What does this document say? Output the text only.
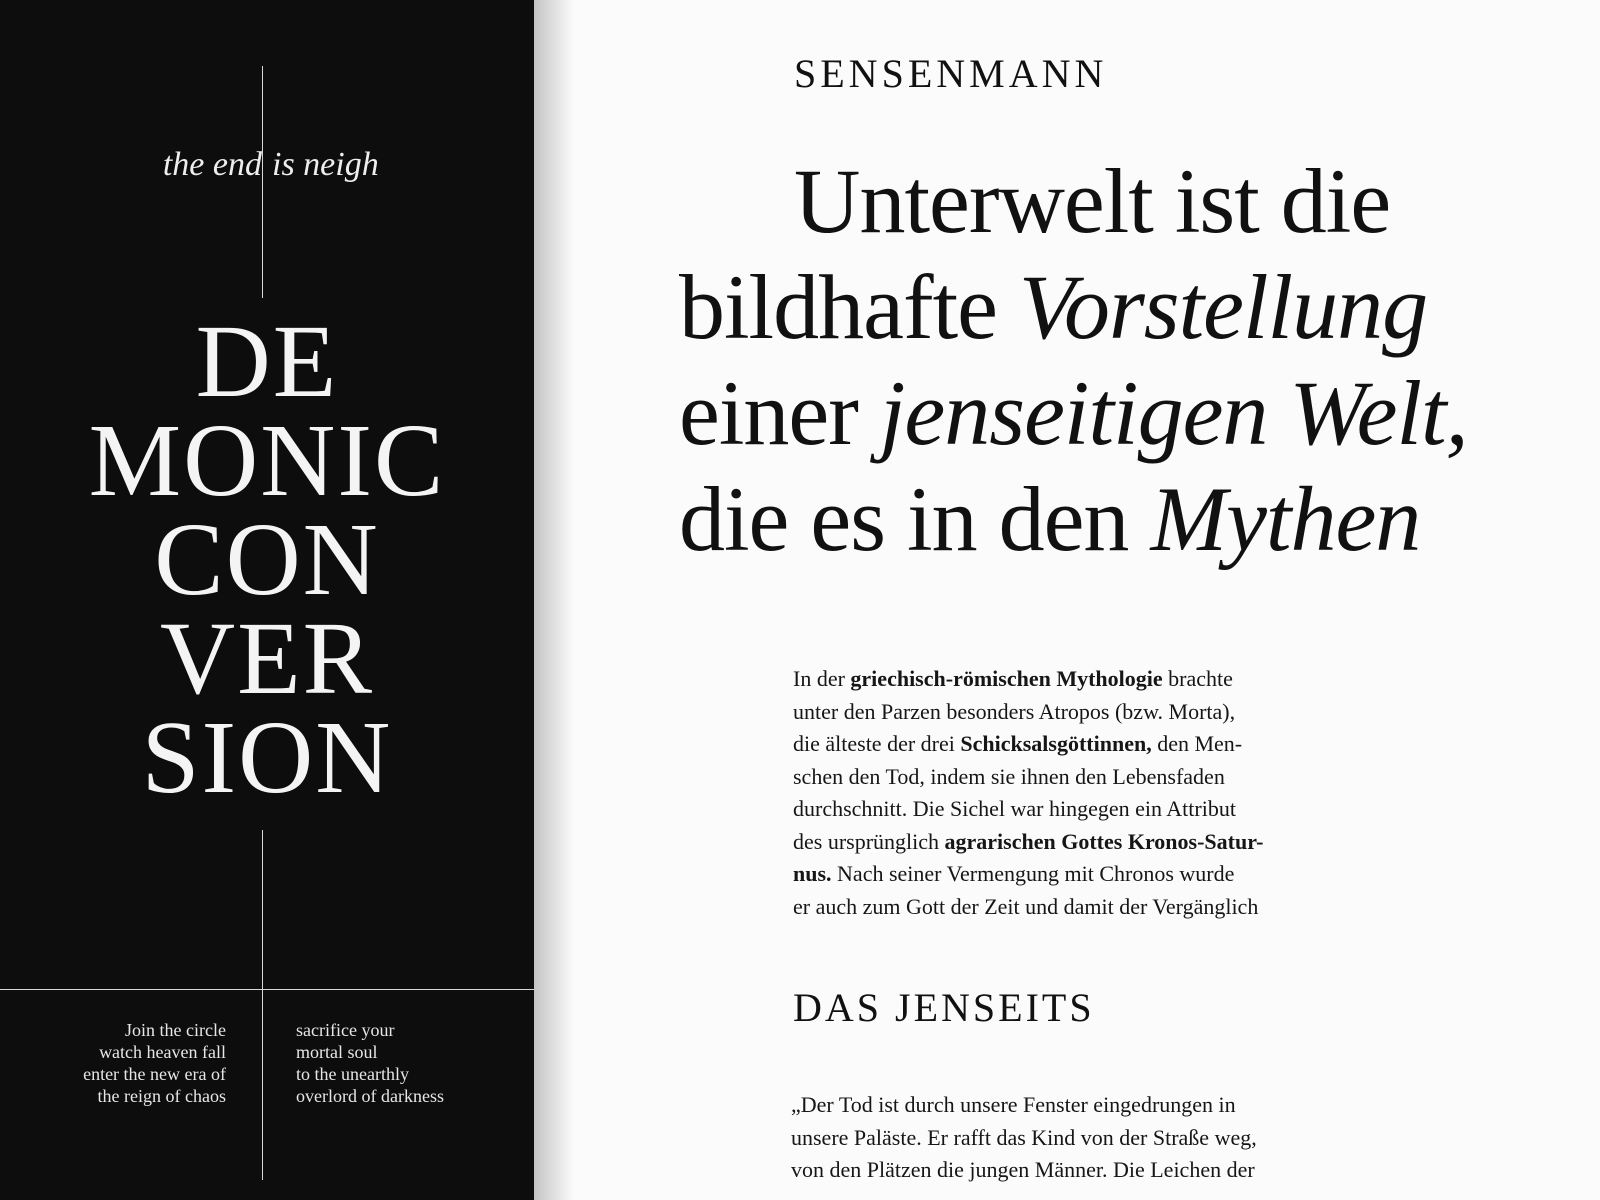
the end is neigh
DE
MONIC
CON
VER
SION
Join the circle
watch heaven fall
enter the new era of
the reign of chaos
sacrifice your
mortal soul
to the unearthly
overlord of darkness
SENSENMANN
Unterwelt ist die
bildhafte Vorstellung
einer jenseitigen Welt,
die es in den Mythen
In der griechisch-römischen Mythologie brachte
unter den Parzen besonders Atropos (bzw. Morta),
die älteste der drei Schicksalsgöttinnen, den Men-
schen den Tod, indem sie ihnen den Lebensfaden
durchschnitt. Die Sichel war hingegen ein Attribut
des ursprünglich agrarischen Gottes Kronos-Satur-
nus. Nach seiner Vermengung mit Chronos wurde
er auch zum Gott der Zeit und damit der Vergänglich
DAS JENSEITS
„Der Tod ist durch unsere Fenster eingedrungen in
unsere Paläste. Er rafft das Kind von der Straße weg,
von den Plätzen die jungen Männer. Die Leichen der
